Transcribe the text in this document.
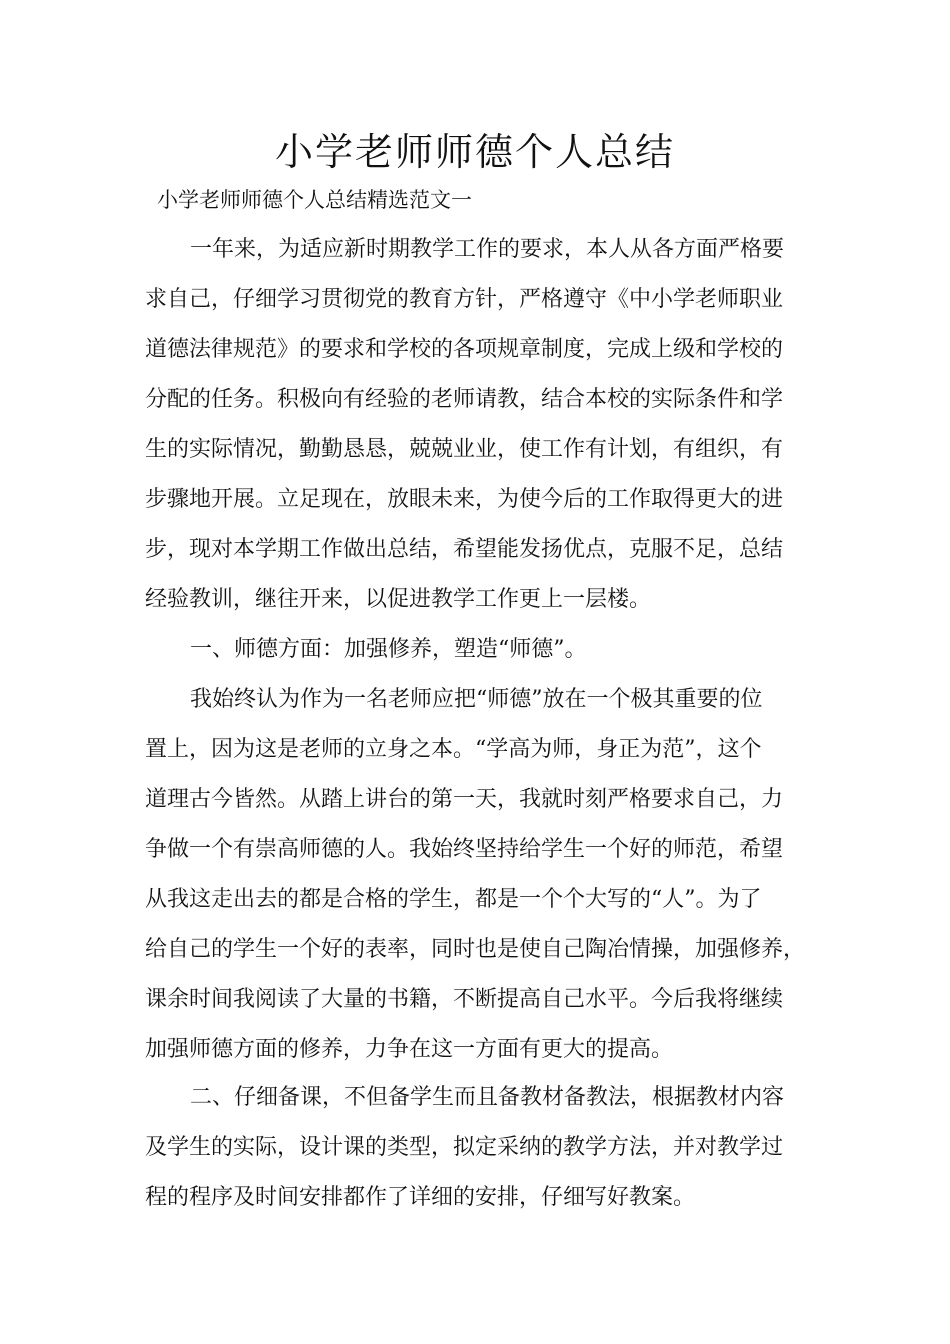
小学老师师德个人总结

小学老师师德个人总结精选范文一

一年来，为适应新时期教学工作的要求，本人从各方面严格要

求自己，仔细学习贯彻党的教育方针，严格遵守《中小学老师职业

道德法律规范》的要求和学校的各项规章制度，完成上级和学校的

分配的任务。积极向有经验的老师请教，结合本校的实际条件和学

生的实际情况，勤勤恳恳，兢兢业业，使工作有计划，有组织，有

步骤地开展。立足现在，放眼未来，为使今后的工作取得更大的进

步，现对本学期工作做出总结，希望能发扬优点，克服不足，总结

经验教训，继往开来，以促进教学工作更上一层楼。

一、师德方面：加强修养，塑造“师德”。

我始终认为作为一名老师应把“师德”放在一个极其重要的位

置上，因为这是老师的立身之本。“学高为师，身正为范”，这个

道理古今皆然。从踏上讲台的第一天，我就时刻严格要求自己，力

争做一个有崇高师德的人。我始终坚持给学生一个好的师范，希望

从我这走出去的都是合格的学生，都是一个个大写的“人”。为了

给自己的学生一个好的表率，同时也是使自己陶冶情操，加强修养，

课余时间我阅读了大量的书籍，不断提高自己水平。今后我将继续

加强师德方面的修养，力争在这一方面有更大的提高。

二、仔细备课，不但备学生而且备教材备教法，根据教材内容

及学生的实际，设计课的类型，拟定采纳的教学方法，并对教学过

程的程序及时间安排都作了详细的安排，仔细写好教案。
